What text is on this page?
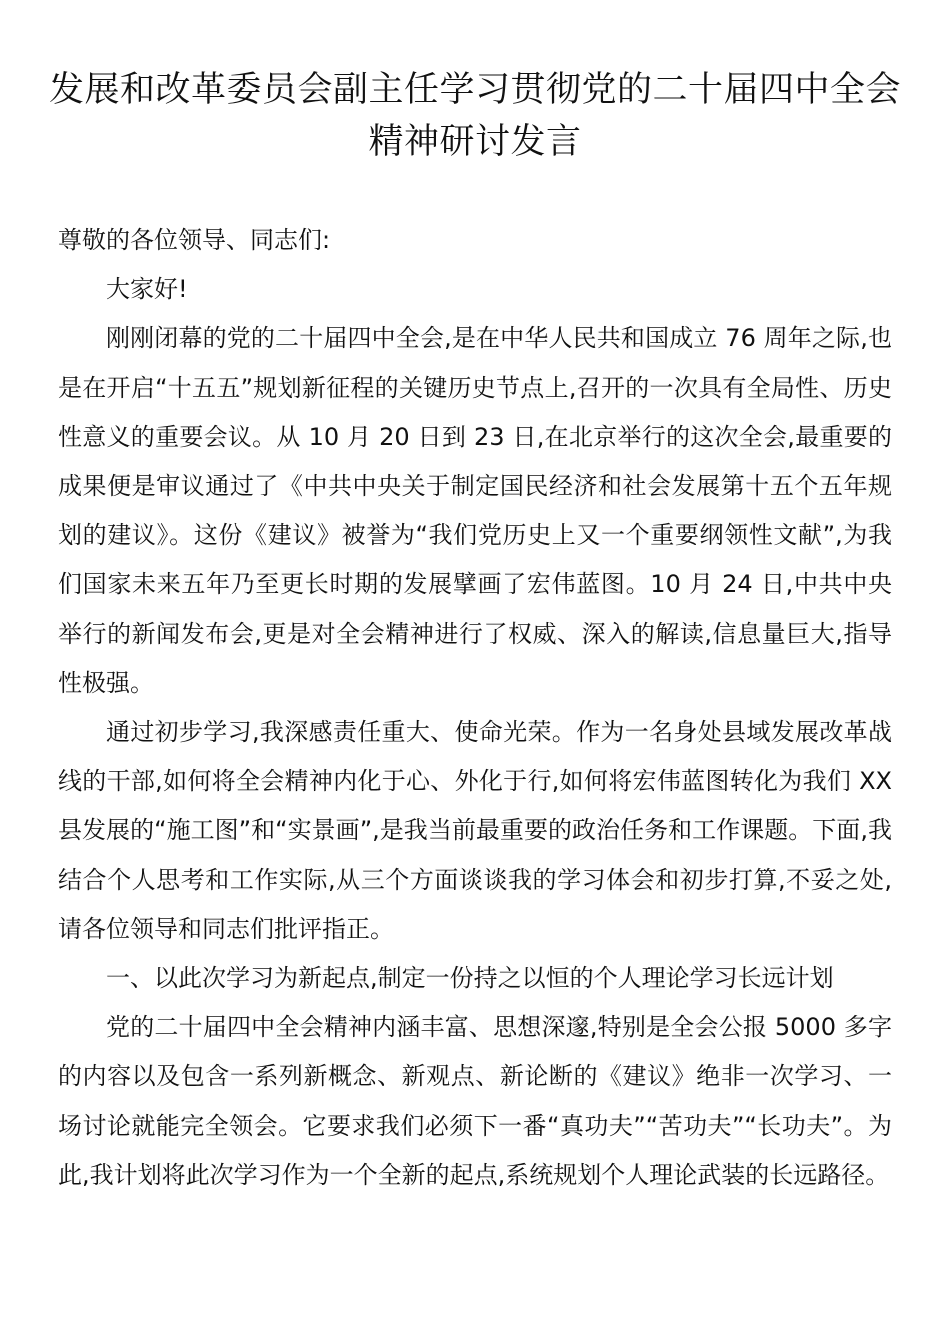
发展和改革委员会副主任学习贯彻党的二十届四中全会精神研讨发言

尊敬的各位领导、同志们:

大家好!

刚刚闭幕的党的二十届四中全会,是在中华人民共和国成立 76 周年之际,也是在开启“十五五”规划新征程的关键历史节点上,召开的一次具有全局性、历史性意义的重要会议。从 10 月 20 日到 23 日,在北京举行的这次全会,最重要的成果便是审议通过了《中共中央关于制定国民经济和社会发展第十五个五年规划的建议》。这份《建议》被誉为“我们党历史上又一个重要纲领性文献”,为我们国家未来五年乃至更长时期的发展擘画了宏伟蓝图。10 月 24 日,中共中央举行的新闻发布会,更是对全会精神进行了权威、深入的解读,信息量巨大,指导性极强。

通过初步学习,我深感责任重大、使命光荣。作为一名身处县域发展改革战线的干部,如何将全会精神内化于心、外化于行,如何将宏伟蓝图转化为我们 XX 县发展的“施工图”和“实景画”,是我当前最重要的政治任务和工作课题。下面,我结合个人思考和工作实际,从三个方面谈谈我的学习体会和初步打算,不妥之处,请各位领导和同志们批评指正。

一、以此次学习为新起点,制定一份持之以恒的个人理论学习长远计划

党的二十届四中全会精神内涵丰富、思想深邃,特别是全会公报 5000 多字的内容以及包含一系列新概念、新观点、新论断的《建议》绝非一次学习、一场讨论就能完全领会。它要求我们必须下一番“真功夫”“苦功夫”“长功夫”。为此,我计划将此次学习作为一个全新的起点,系统规划个人理论武装的长远路径。
